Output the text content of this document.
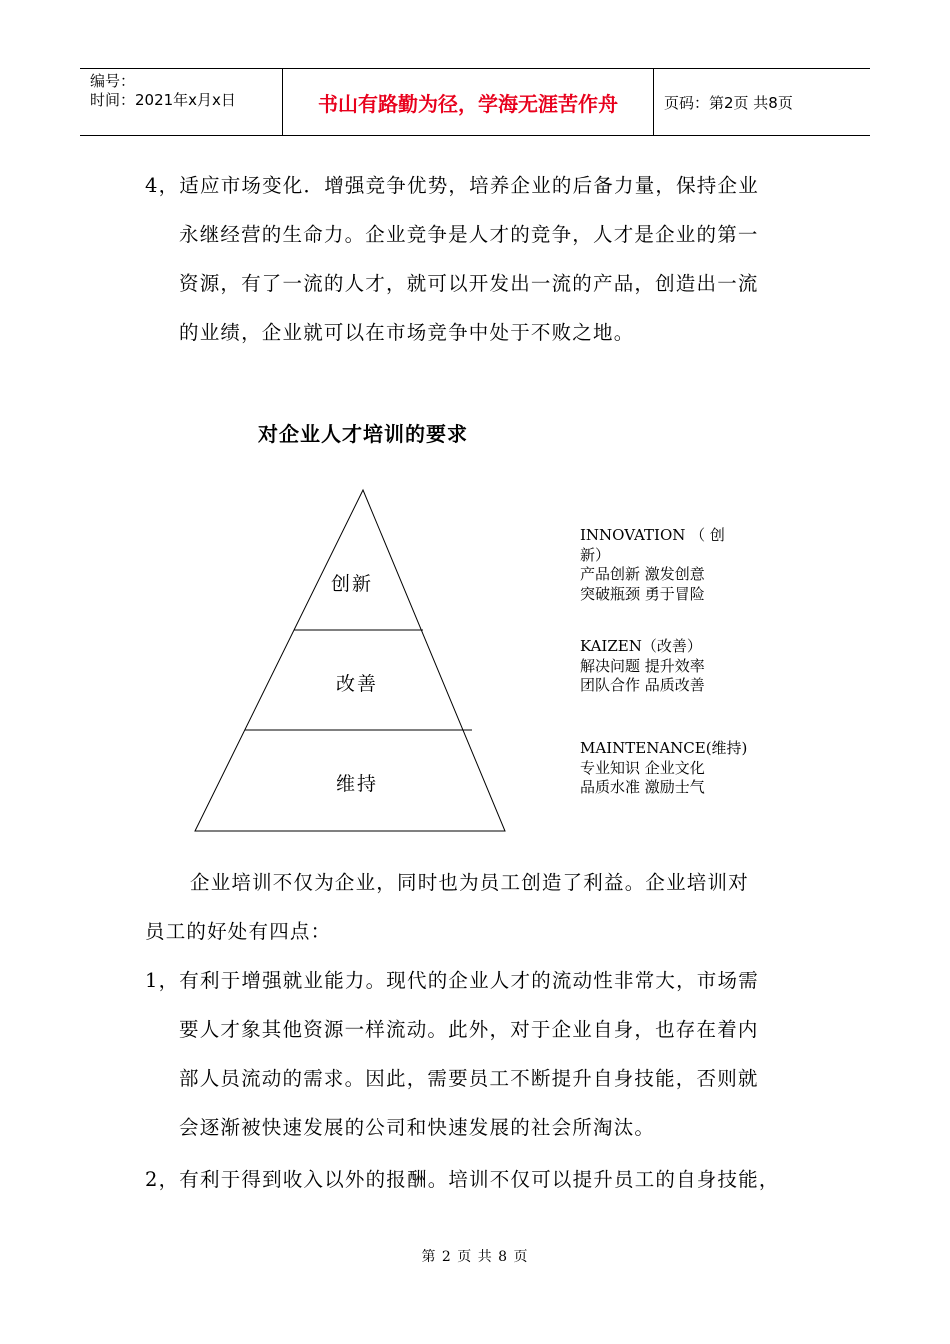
编号：
时间：2021年x月x日	书山有路勤为径，学海无涯苦作舟	页码：第2页 共8页
4，适应市场变化．增强竞争优势，培养企业的后备力量，保持企业
永继经营的生命力。企业竞争是人才的竞争，人才是企业的第一
资源，有了一流的人才，就可以开发出一流的产品，创造出一流
的业绩，企业就可以在市场竞争中处于不败之地。
对企业人才培训的要求
创新
改善
维持
INNOVATION （ 创
新）
产品创新 激发创意
突破瓶颈 勇于冒险
KAIZEN（改善）
解决问题 提升效率
团队合作 品质改善
MAINTENANCE(维持)
专业知识 企业文化
品质水准 激励士气
企业培训不仅为企业，同时也为员工创造了利益。企业培训对
员工的好处有四点：
1，有利于增强就业能力。现代的企业人才的流动性非常大，市场需
要人才象其他资源一样流动。此外，对于企业自身，也存在着内
部人员流动的需求。因此，需要员工不断提升自身技能，否则就
会逐渐被快速发展的公司和快速发展的社会所淘汰。
2，有利于得到收入以外的报酬。培训不仅可以提升员工的自身技能，
第 2 页 共 8 页
